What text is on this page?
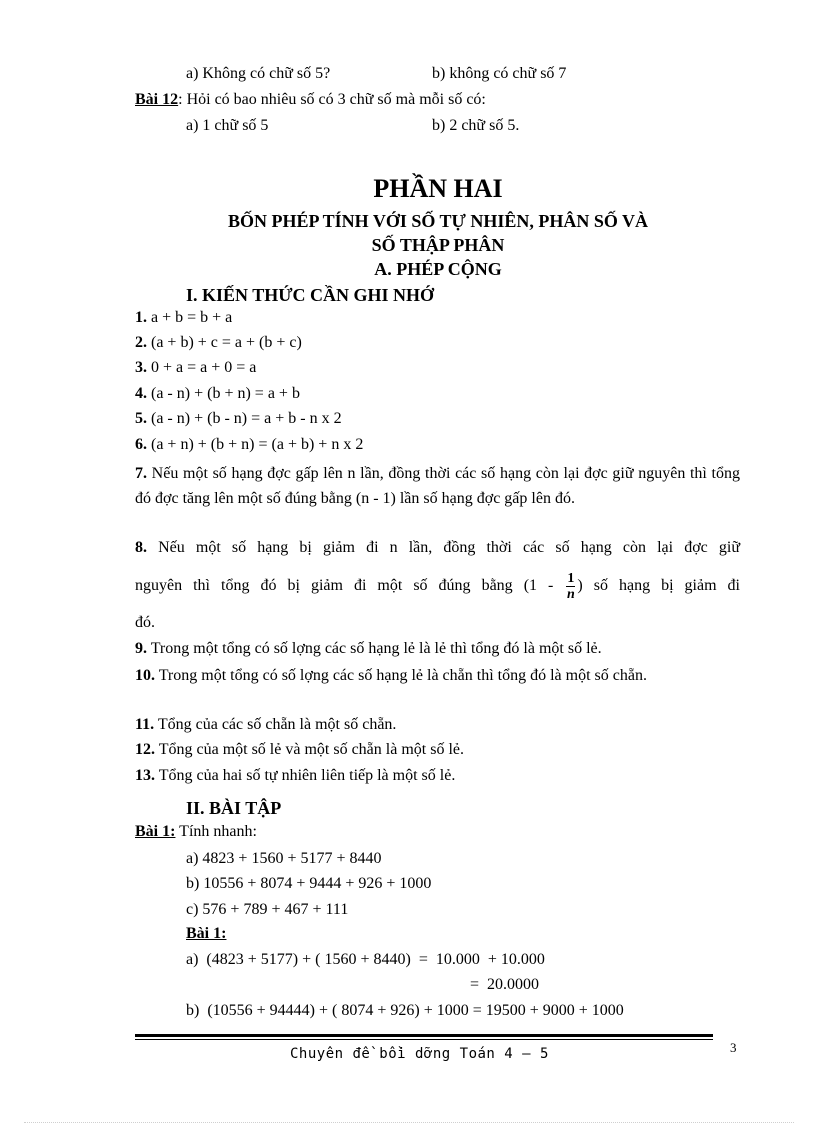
a) Không có chữ số 5?	b) không có chữ số 7
Bài 12: Hỏi có bao nhiêu số có 3 chữ số mà mỗi số có:
a) 1 chữ số 5	b) 2 chữ số 5.
PHẦN HAI
BỐN PHÉP TÍNH VỚI SỐ TỰ NHIÊN, PHÂN SỐ VÀ
SỐ THẬP PHÂN
A. PHÉP CỘNG
I. KIẾN THỨC CẦN GHI NHỚ
1. a + b = b + a
2. (a + b) + c = a + (b + c)
3. 0 + a = a + 0 = a
4. (a - n) + (b + n) = a + b
5. (a - n) + (b - n) = a + b - n x 2
6. (a + n) + (b + n) = (a + b) + n x 2
7. Nếu một số hạng đợc gấp lên n lần, đồng thời các số hạng còn lại đợc giữ nguyên thì tổng đó đợc tăng lên một số đúng bằng (n - 1) lần số hạng đợc gấp lên đó.
8. Nếu một số hạng bị giảm đi n lần, đồng thời các số hạng còn lại đợc giữ
nguyên thì tổng đó bị giảm đi một số đúng bằng ($1 - \frac{1}{n}$ ) số hạng bị giảm đi
đó.
9. Trong một tổng có số lợng các số hạng lẻ là lẻ thì tổng đó là một số lẻ.
10. Trong một tổng có số lợng các số hạng lẻ là chẵn thì tổng đó là một số chẵn.
11. Tổng của các số chẵn là một số chẵn.
12. Tổng của một số lẻ và một số chẵn là một số lẻ.
13. Tổng của hai số tự nhiên liên tiếp là một số lẻ.
II. BÀI TẬP
Bài 1: Tính nhanh:
a) 4823 + 1560 + 5177 + 8440
b) 10556 + 8074 + 9444 + 926 + 1000
c) 576 + 789 + 467 + 111
Bài 1:
a)  (4823 + 5177) + ( 1560 + 8440)  =  10.000  + 10.000
=  20.0000
b)  (10556 + 94444) + ( 8074 + 926) + 1000 = 19500 + 9000 + 1000
Chuyên đề bồi dỡng Toán 4 – 5	3
